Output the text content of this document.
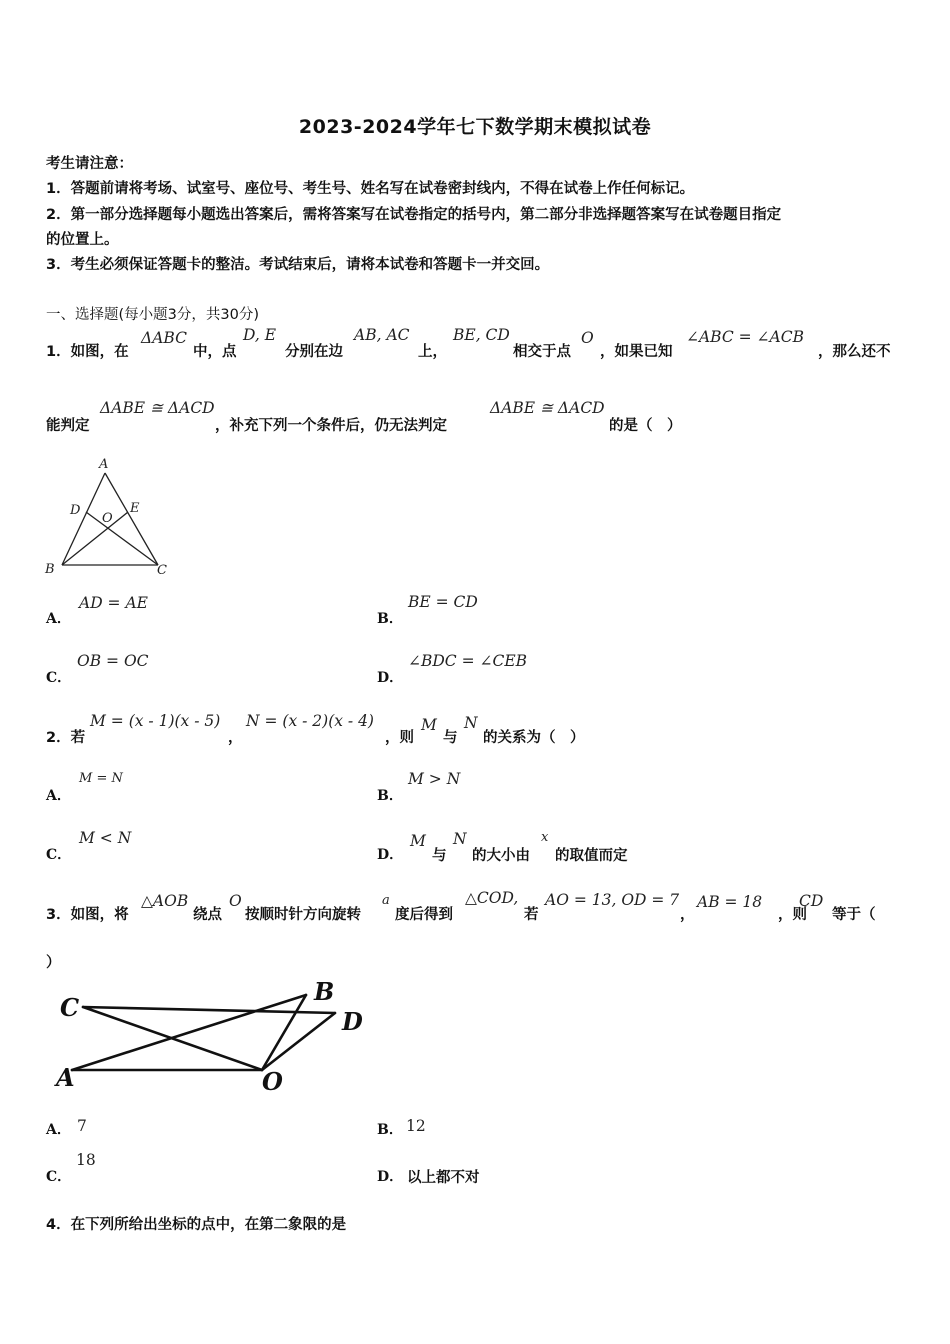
2023-2024学年七下数学期末模拟试卷
考生请注意：
1．答题前请将考场、试室号、座位号、考生号、姓名写在试卷密封线内，不得在试卷上作任何标记。
2．第一部分选择题每小题选出答案后，需将答案写在试卷指定的括号内，第二部分非选择题答案写在试卷题目指定
的位置上。
3．考生必须保证答题卡的整洁。考试结束后，请将本试卷和答题卡一并交回。
一、选择题(每小题3分，共30分)
1．如图，在
ΔABC
中，点
D, E
分别在边
AB, AC
上，
BE, CD
相交于点
O
，如果已知
∠ABC = ∠ACB
，那么还不
能判定
ΔABE ≅ ΔACD
，补充下列一个条件后，仍无法判定
ΔABE ≅ ΔACD
的是（　）
A
D
O
E
B	C
A．
AD = AE
B．
BE = CD
C．
OB = OC
D．
∠BDC = ∠CEB
2．若
M = (x - 1)(x - 5)
，
N = (x - 2)(x - 4)
，则
M
与
N
的关系为（　）
A．
M = N
B．
M > N
C．
M < N
D．
M
与
N
的大小由
x
的取值而定
3．如图，将
△AOB
绕点
O
按顺时针方向旋转
a
度后得到
△COD,
若
AO = 13, OD = 7
，
AB = 18
，则
CD
等于（
）
C
B
D
A	O
A． 7	B． 12
C．
18
D． 以上都不对
4．在下列所给出坐标的点中，在第二象限的是
